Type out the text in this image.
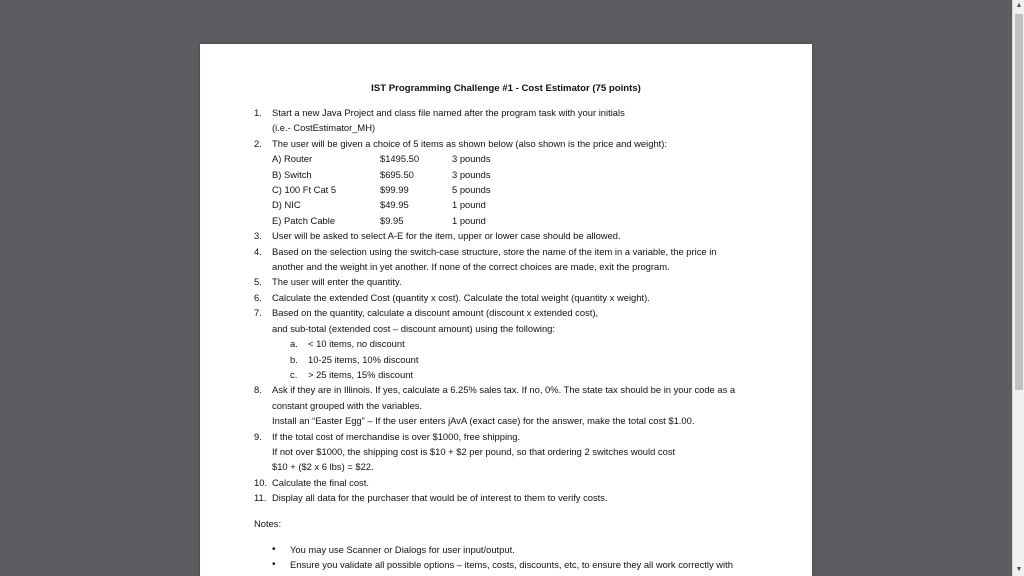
IST Programming Challenge #1 - Cost Estimator (75 points)
1. Start a new Java Project and class file named after the program task with your initials
(i.e.- CostEstimator_MH)
2. The user will be given a choice of 5 items as shown below (also shown is the price and weight):
A) Router	$1495.50	3 pounds
B) Switch	$695.50	3 pounds
C) 100 Ft Cat 5	$99.99	5 pounds
D) NIC	$49.95	1 pound
E) Patch Cable	$9.95	1 pound
3. User will be asked to select A-E for the item, upper or lower case should be allowed.
4. Based on the selection using the switch-case structure, store the name of the item in a variable, the price in
another and the weight in yet another. If none of the correct choices are made, exit the program.
5. The user will enter the quantity.
6. Calculate the extended Cost (quantity x cost). Calculate the total weight (quantity x weight).
7. Based on the quantity, calculate a discount amount (discount x extended cost),
and sub-total (extended cost – discount amount) using the following:
a. < 10 items, no discount
b. 10-25 items, 10% discount
c. > 25 items, 15% discount
8. Ask if they are in Illinois. If yes, calculate a 6.25% sales tax. If no, 0%. The state tax should be in your code as a
constant grouped with the variables.
Install an “Easter Egg” – If the user enters jAvA (exact case) for the answer, make the total cost $1.00.
9. If the total cost of merchandise is over $1000, free shipping.
If not over $1000, the shipping cost is $10 + $2 per pound, so that ordering 2 switches would cost
$10 + ($2 x 6 lbs) = $22.
10. Calculate the final cost.
11. Display all data for the purchaser that would be of interest to them to verify costs.
Notes:
• You may use Scanner or Dialogs for user input/output.
• Ensure you validate all possible options – items, costs, discounts, etc, to ensure they all work correctly with
▲
▼
